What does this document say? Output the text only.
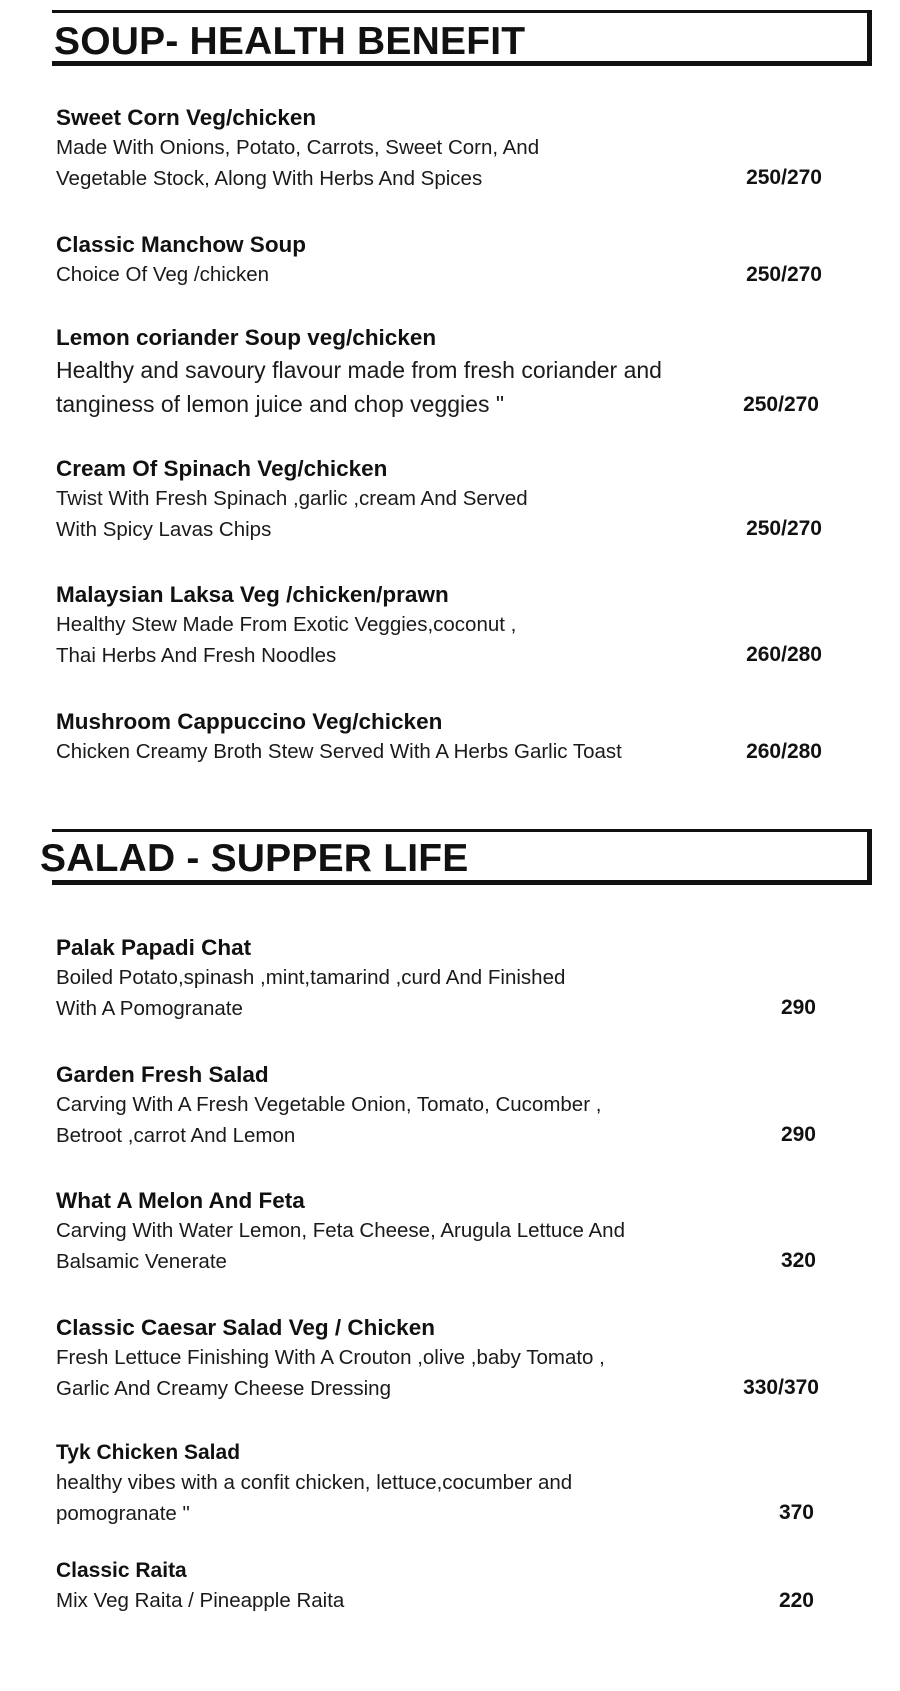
SOUP- HEALTH BENEFIT
Sweet Corn Veg/chicken
Made With Onions, Potato, Carrots, Sweet Corn, And
Vegetable Stock, Along With Herbs And Spices	250/270
Classic Manchow Soup
Choice Of Veg /chicken	250/270
Lemon coriander Soup veg/chicken
Healthy and savoury flavour made from fresh coriander and
tanginess of lemon juice and chop veggies "	250/270
Cream Of Spinach Veg/chicken
Twist With Fresh Spinach ,garlic ,cream And Served
With Spicy Lavas Chips	250/270
Malaysian Laksa Veg /chicken/prawn
Healthy Stew Made From Exotic Veggies,coconut ,
Thai Herbs And Fresh Noodles	260/280
Mushroom Cappuccino Veg/chicken
Chicken Creamy Broth Stew Served With A Herbs Garlic Toast	260/280
SALAD - SUPPER LIFE
Palak Papadi Chat
Boiled Potato,spinash ,mint,tamarind ,curd And Finished
With A Pomogranate	290
Garden Fresh Salad
Carving With A Fresh Vegetable Onion, Tomato, Cucomber ,
Betroot ,carrot And Lemon	290
What A Melon And Feta
Carving With Water Lemon, Feta Cheese, Arugula Lettuce And
Balsamic Venerate	320
Classic Caesar Salad Veg / Chicken
Fresh Lettuce Finishing With A Crouton ,olive ,baby Tomato ,
Garlic And Creamy Cheese Dressing	330/370
Tyk Chicken Salad
healthy vibes with a confit chicken, lettuce,cocumber and
pomogranate "	370
Classic Raita
Mix Veg Raita / Pineapple Raita	220
